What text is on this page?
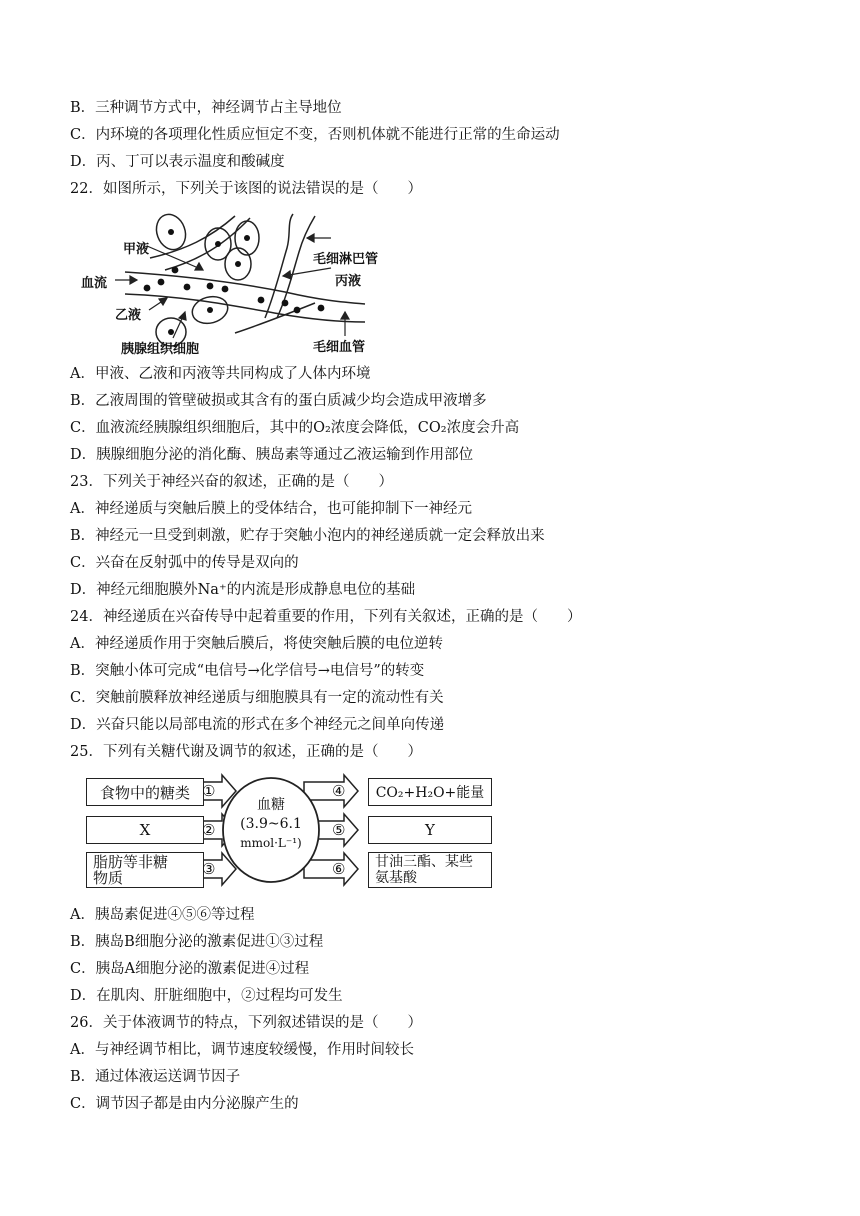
B．三种调节方式中，神经调节占主导地位
C．内环境的各项理化性质应恒定不变，否则机体就不能进行正常的生命运动
D．丙、丁可以表示温度和酸碱度
22．如图所示，下列关于该图的说法错误的是（　　）
甲液
血流
乙液
胰腺组织细胞
毛细淋巴管
丙液
毛细血管
A．甲液、乙液和丙液等共同构成了人体内环境
B．乙液周围的管壁破损或其含有的蛋白质减少均会造成甲液增多
C．血液流经胰腺组织细胞后，其中的O₂浓度会降低，CO₂浓度会升高
D．胰腺细胞分泌的消化酶、胰岛素等通过乙液运输到作用部位
23．下列关于神经兴奋的叙述，正确的是（　　）
A．神经递质与突触后膜上的受体结合，也可能抑制下一神经元
B．神经元一旦受到刺激，贮存于突触小泡内的神经递质就一定会释放出来
C．兴奋在反射弧中的传导是双向的
D．神经元细胞膜外Na⁺的内流是形成静息电位的基础
24．神经递质在兴奋传导中起着重要的作用，下列有关叙述，正确的是（　　）
A．神经递质作用于突触后膜后，将使突触后膜的电位逆转
B．突触小体可完成“电信号→化学信号→电信号”的转变
C．突触前膜释放神经递质与细胞膜具有一定的流动性有关
D．兴奋只能以局部电流的形式在多个神经元之间单向传递
25．下列有关糖代谢及调节的叙述，正确的是（　　）
食物中的糖类
X
脂肪等非糖
物质
①
②
③
血糖
(3.9~6.1
mmol·L⁻¹)
④
⑤
⑥
CO₂+H₂O+能量
Y
甘油三酯、某些
氨基酸
A．胰岛素促进④⑤⑥等过程
B．胰岛B细胞分泌的激素促进①③过程
C．胰岛A细胞分泌的激素促进④过程
D．在肌肉、肝脏细胞中，②过程均可发生
26．关于体液调节的特点，下列叙述错误的是（　　）
A．与神经调节相比，调节速度较缓慢，作用时间较长
B．通过体液运送调节因子
C．调节因子都是由内分泌腺产生的
